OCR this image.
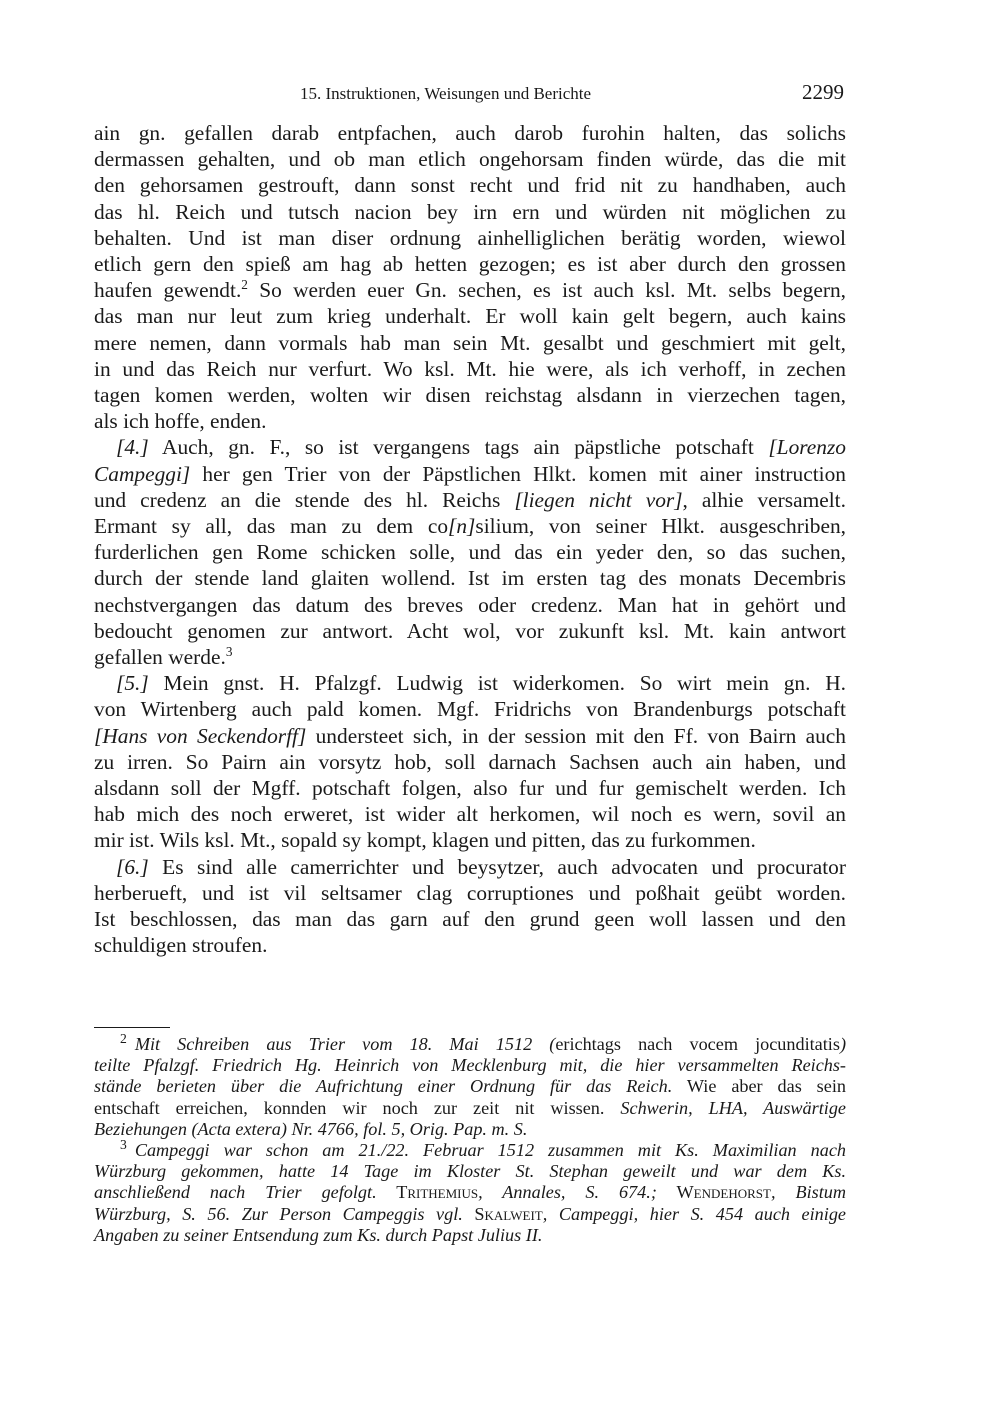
15. Instruktionen, Weisungen und Berichte	2299

ain gn. gefallen darab entpfachen, auch darob furohin halten, das solichs
dermassen gehalten, und ob man etlich ongehorsam finden würde, das die mit
den gehorsamen gestrouft, dann sonst recht und frid nit zu handhaben, auch
das hl. Reich und tutsch nacion bey irn ern und würden nit möglichen zu
behalten. Und ist man diser ordnung ainhelliglichen berätig worden, wiewol
etlich gern den spieß am hag ab hetten gezogen; es ist aber durch den grossen
haufen gewendt.$^2$ So werden euer Gn. sechen, es ist auch ksl. Mt. selbs begern,
das man nur leut zum krieg underhalt. Er woll kain gelt begern, auch kains
mere nemen, dann vormals hab man sein Mt. gesalbt und geschmiert mit gelt,
in und das Reich nur verfurt. Wo ksl. Mt. hie were, als ich verhoff, in zechen
tagen komen werden, wolten wir disen reichstag alsdann in vierzechen tagen,
als ich hoffe, enden.

[4.] Auch, gn. F., so ist vergangens tags ain päpstliche potschaft [Lorenzo
Campeggi] her gen Trier von der Päpstlichen Hlkt. komen mit ainer instruction
und credenz an die stende des hl. Reichs [liegen nicht vor], alhie versamelt.
Ermant sy all, das man zu dem co[n]silium, von seiner Hlkt. ausgeschriben,
furderlichen gen Rome schicken solle, und das ein yeder den, so das suchen,
durch der stende land glaiten wollend. Ist im ersten tag des monats Decembris
nechstvergangen das datum des breves oder credenz. Man hat in gehört und
bedoucht genomen zur antwort. Acht wol, vor zukunft ksl. Mt. kain antwort
gefallen werde.$^3$

[5.] Mein gnst. H. Pfalzgf. Ludwig ist widerkomen. So wirt mein gn. H.
von Wirtenberg auch pald komen. Mgf. Fridrichs von Brandenburgs potschaft
[Hans von Seckendorff] understeet sich, in der session mit den Ff. von Bairn auch
zu irren. So Pairn ain vorsytz hob, soll darnach Sachsen auch ain haben, und
alsdann soll der Mgff. potschaft folgen, also fur und fur gemischelt werden. Ich
hab mich des noch erweret, ist wider alt herkomen, wil noch es wern, sovil an
mir ist. Wils ksl. Mt., sopald sy kompt, klagen und pitten, das zu furkommen.

[6.] Es sind alle camerrichter und beysytzer, auch advocaten und procurator
herberueft, und ist vil seltsamer clag corruptiones und poßhait geübt worden.
Ist beschlossen, das man das garn auf den grund geen woll lassen und den
schuldigen stroufen.

$^2$ Mit Schreiben aus Trier vom 18. Mai 1512 (erichtags nach vocem jocunditatis)
teilte Pfalzgf. Friedrich Hg. Heinrich von Mecklenburg mit, die hier versammelten Reichs-
stände berieten über die Aufrichtung einer Ordnung für das Reich. Wie aber das sein
entschaft erreichen, konnden wir noch zur zeit nit wissen. Schwerin, LHA, Auswärtige
Beziehungen (Acta extera) Nr. 4766, fol. 5, Orig. Pap. m. S.

$^3$ Campeggi war schon am 21./22. Februar 1512 zusammen mit Ks. Maximilian nach
Würzburg gekommen, hatte 14 Tage im Kloster St. Stephan geweilt und war dem Ks.
anschließend nach Trier gefolgt. Trithemius, Annales, S. 674.; Wendehorst, Bistum
Würzburg, S. 56. Zur Person Campeggis vgl. Skalweit, Campeggi, hier S. 454 auch einige
Angaben zu seiner Entsendung zum Ks. durch Papst Julius II.
